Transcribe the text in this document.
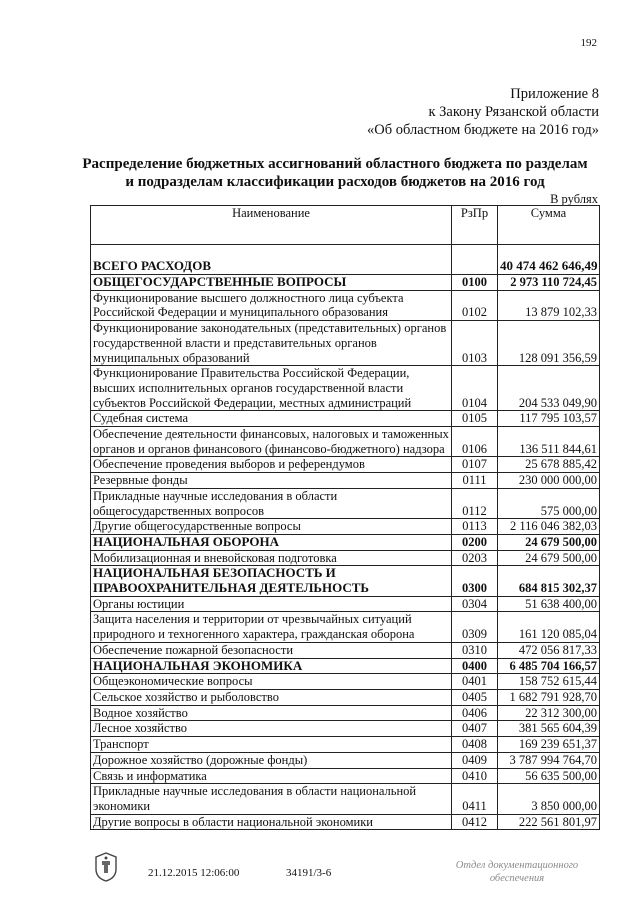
192
Приложение 8
к Закону Рязанской области
«Об областном бюджете на 2016 год»
Распределение бюджетных ассигнований областного бюджета по разделам
и подразделам классификации расходов бюджетов на 2016 год
В рублях
Наименование	РзПр	Сумма
ВСЕГО РАСХОДОВ		40 474 462 646,49
ОБЩЕГОСУДАРСТВЕННЫЕ ВОПРОСЫ	0100	2 973 110 724,45
Функционирование высшего должностного лица субъекта Российской Федерации и муниципального образования	0102	13 879 102,33
Функционирование законодательных (представительных) органов государственной власти и представительных органов муниципальных образований	0103	128 091 356,59
Функционирование Правительства Российской Федерации, высших исполнительных органов государственной власти субъектов Российской Федерации, местных администраций	0104	204 533 049,90
Судебная система	0105	117 795 103,57
Обеспечение деятельности финансовых, налоговых и таможенных органов и органов финансового (финансово-бюджетного) надзора	0106	136 511 844,61
Обеспечение проведения выборов и референдумов	0107	25 678 885,42
Резервные фонды	0111	230 000 000,00
Прикладные научные исследования в области общегосударственных вопросов	0112	575 000,00
Другие общегосударственные вопросы	0113	2 116 046 382,03
НАЦИОНАЛЬНАЯ ОБОРОНА	0200	24 679 500,00
Мобилизационная и вневойсковая подготовка	0203	24 679 500,00
НАЦИОНАЛЬНАЯ БЕЗОПАСНОСТЬ И ПРАВООХРАНИТЕЛЬНАЯ ДЕЯТЕЛЬНОСТЬ	0300	684 815 302,37
Органы юстиции	0304	51 638 400,00
Защита населения и территории от чрезвычайных ситуаций природного и техногенного характера, гражданская оборона	0309	161 120 085,04
Обеспечение пожарной безопасности	0310	472 056 817,33
НАЦИОНАЛЬНАЯ ЭКОНОМИКА	0400	6 485 704 166,57
Общеэкономические вопросы	0401	158 752 615,44
Сельское хозяйство и рыболовство	0405	1 682 791 928,70
Водное хозяйство	0406	22 312 300,00
Лесное хозяйство	0407	381 565 604,39
Транспорт	0408	169 239 651,37
Дорожное хозяйство (дорожные фонды)	0409	3 787 994 764,70
Связь и информатика	0410	56 635 500,00
Прикладные научные исследования в области национальной экономики	0411	3 850 000,00
Другие вопросы в области национальной экономики	0412	222 561 801,97
21.12.2015 12:06:00	34191/3-6
Отдел документационного
обеспечения
